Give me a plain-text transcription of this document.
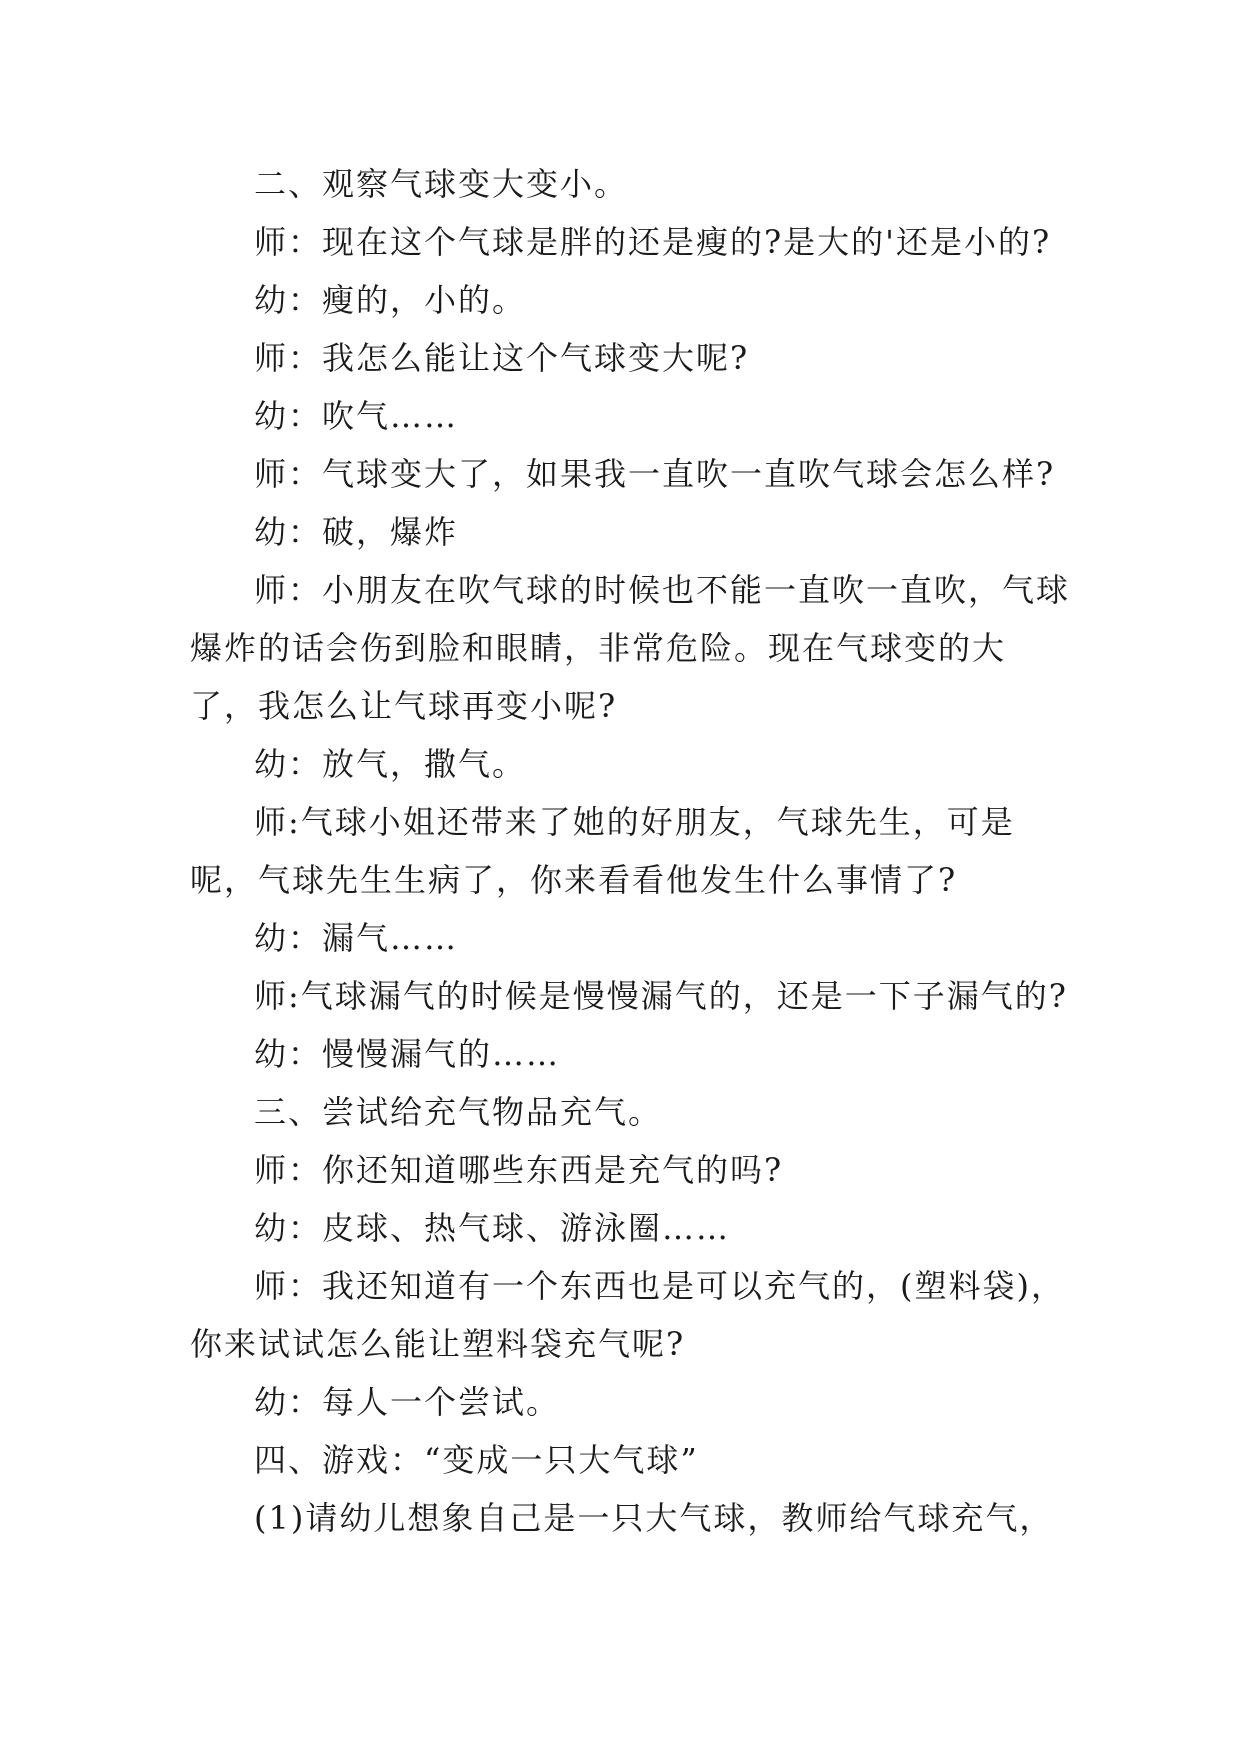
二、观察气球变大变小。

师：现在这个气球是胖的还是瘦的?是大的'还是小的?

幼：瘦的，小的。

师：我怎么能让这个气球变大呢?

幼：吹气……

师：气球变大了，如果我一直吹一直吹气球会怎么样?

幼：破，爆炸

师：小朋友在吹气球的时候也不能一直吹一直吹，气球爆炸的话会伤到脸和眼睛，非常危险。现在气球变的大了，我怎么让气球再变小呢?

幼：放气，撒气。

师:气球小姐还带来了她的好朋友，气球先生，可是呢，气球先生生病了，你来看看他发生什么事情了?

幼：漏气……

师:气球漏气的时候是慢慢漏气的，还是一下子漏气的?

幼：慢慢漏气的……

三、尝试给充气物品充气。

师：你还知道哪些东西是充气的吗?

幼：皮球、热气球、游泳圈……

师：我还知道有一个东西也是可以充气的，(塑料袋)，你来试试怎么能让塑料袋充气呢?

幼：每人一个尝试。

四、游戏：“变成一只大气球”

(1)请幼儿想象自己是一只大气球，教师给气球充气，
